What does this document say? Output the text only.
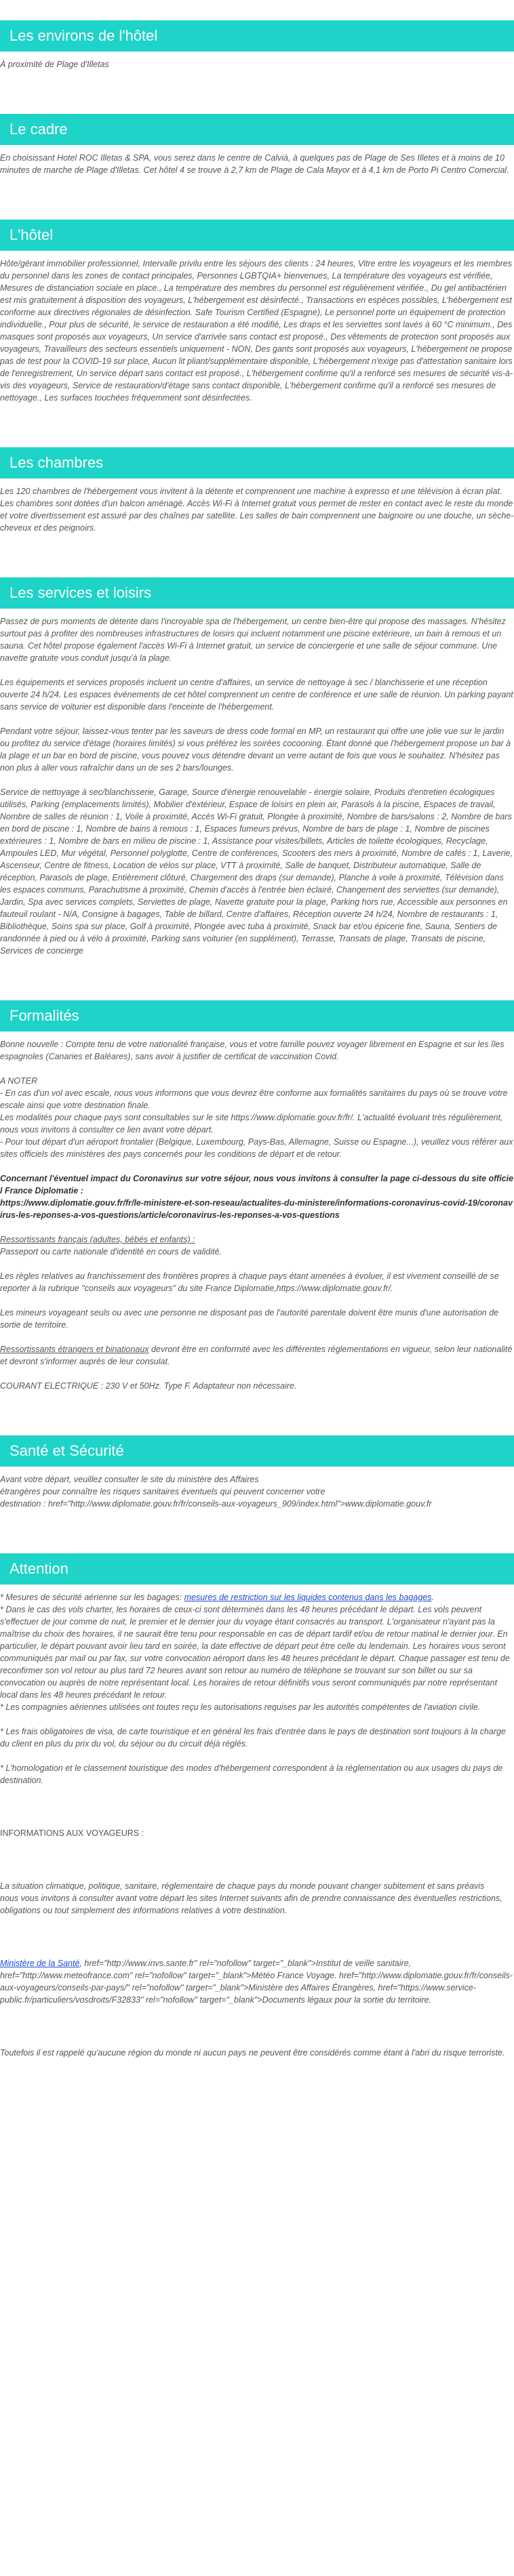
Les environs de l'hôtel

À proximité de Plage d'Illetas

Le cadre

En choisissant Hotel ROC Illetas & SPA, vous serez dans le centre de Calvià, à quelques pas de Plage de Ses Illetes et à moins de 10 minutes de marche de Plage d'Illetas. Cet hôtel 4 se trouve à 2,7 km de Plage de Cala Mayor et à 4,1 km de Porto Pi Centro Comercial.

L'hôtel

Hôte/gérant immobilier professionnel, Intervalle privilu entre les séjours des clients : 24 heures, Vitre entre les voyageurs et les membres du personnel dans les zones de contact principales, Personnes LGBTQIA+ bienvenues, La température des voyageurs est vérifiée, Mesures de distanciation sociale en place., La température des membres du personnel est régulièrement vérifiée., Du gel antibactérien est mis gratuitement à disposition des voyageurs, L'hébergement est désinfecté., Transactions en espèces possibles, L'hébergement est conforme aux directives régionales de désinfection. Safe Tourism Certified (Espagne), Le personnel porte un équipement de protection individuelle., Pour plus de sécurité, le service de restauration a été modifié, Les draps et les serviettes sont lavés à 60 °C minimum., Des masques sont proposés aux voyageurs, Un service d'arrivée sans contact est proposé., Des vêtements de protection sont proposés aux voyageurs, Travailleurs des secteurs essentiels uniquement - NON, Des gants sont proposés aux voyageurs, L'hébergement ne propose pas de test pour la COVID-19 sur place, Aucun lit pliant/supplémentaire disponible, L'hébergement n'exige pas d'attestation sanitaire lors de l'enregistrement, Un service départ sans contact est proposé., L'hébergement confirme qu'il a renforcé ses mesures de sécurité vis-à-vis des voyageurs, Service de restauration/d'étage sans contact disponible, L'hébergement confirme qu'il a renforcé ses mesures de nettoyage., Les surfaces touchées fréquemment sont désinfectées.

Les chambres

Les 120 chambres de l'hébergement vous invitent à la détente et comprennent une machine à expresso et une télévision à écran plat. Les chambres sont dotées d'un balcon aménagé. Accès Wi-Fi à Internet gratuit vous permet de rester en contact avec le reste du monde et votre divertissement est assuré par des chaînes par satellite. Les salles de bain comprennent une baignoire ou une douche, un sèche-cheveux et des peignoirs.

Les services et loisirs

Passez de purs moments de détente dans l'incroyable spa de l'hébergement, un centre bien-être qui propose des massages. N'hésitez surtout pas à profiter des nombreuses infrastructures de loisirs qui incluent notamment une piscine extérieure, un bain à remous et un sauna. Cet hôtel propose également l'accès Wi-Fi à Internet gratuit, un service de conciergerie et une salle de séjour commune. Une navette gratuite vous conduit jusqu'à la plage.

Les équipements et services proposés incluent un centre d'affaires, un service de nettoyage à sec / blanchisserie et une réception ouverte 24 h/24. Les espaces événements de cet hôtel comprennent un centre de conférence et une salle de réunion. Un parking payant sans service de voiturier est disponible dans l'enceinte de l'hébergement.

Pendant votre séjour, laissez-vous tenter par les saveurs de dress code formal en MP, un restaurant qui offre une jolie vue sur le jardin ou profitez du service d'étage (horaires limités) si vous préférez les soirées cocooning. Étant donné que l'hébergement propose un bar à la plage et un bar en bord de piscine, vous pouvez vous détendre devant un verre autant de fois que vous le souhaitez. N'hésitez pas non plus à aller vous rafraîchir dans un de ses 2 bars/lounges.

Service de nettoyage à sec/blanchisserie, Garage, Source d'énergie renouvelable - énergie solaire, Produits d'entretien écologiques utilisés, Parking (emplacements limités), Mobilier d'extérieur, Espace de loisirs en plein air, Parasols à la piscine, Espaces de travail, Nombre de salles de réunion : 1, Voile à proximité, Accès Wi-Fi gratuit, Plongée à proximité, Nombre de bars/salons : 2, Nombre de bars en bord de piscine : 1, Nombre de bains à remous : 1, Espaces fumeurs prévus, Nombre de bars de plage : 1, Nombre de piscines extérieures : 1, Nombre de bars en milieu de piscine : 1, Assistance pour visites/billets, Articles de toilette écologiques, Recyclage, Ampoules LED, Mur végétal, Personnel polyglotte, Centre de conférences, Scooters des mers à proximité, Nombre de cafés : 1, Laverie, Ascenseur, Centre de fitness, Location de vélos sur place, VTT à proximité, Salle de banquet, Distributeur automatique, Salle de réception, Parasols de plage, Entièrement clôturé, Chargement des draps (sur demande), Planche à voile à proximité, Télévision dans les espaces communs, Parachutisme à proximité, Chemin d'accès à l'entrée bien éclairé, Changement des serviettes (sur demande), Jardin, Spa avec services complets, Serviettes de plage, Navette gratuite pour la plage, Parking hors rue, Accessible aux personnes en fauteuil roulant - N/A, Consigne à bagages, Table de billard, Centre d'affaires, Réception ouverte 24 h/24, Nombre de restaurants : 1, Bibliothèque, Soins spa sur place, Golf à proximité, Plongée avec tuba à proximité, Snack bar et/ou épicerie fine, Sauna, Sentiers de randonnée à pied ou à vélo à proximité, Parking sans voiturier (en supplément), Terrasse, Transats de plage, Transats de piscine, Services de concierge

Formalités

Bonne nouvelle : Compte tenu de votre nationalité française, vous et votre famille pouvez voyager librement en Espagne et sur les îles espagnoles (Canaries et Baléares), sans avoir à justifier de certificat de vaccination Covid.

A NOTER
- En cas d'un vol avec escale, nous vous informons que vous devrez être conforme aux formalités sanitaires du pays où se trouve votre escale ainsi que votre destination finale.
Les modalités pour chaque pays sont consultables sur le site https://www.diplomatie.gouv.fr/fr/. L'actualité évoluant très régulièrement, nous vous invitons à consulter ce lien avant votre départ.
- Pour tout départ d'un aéroport frontalier (Belgique, Luxembourg, Pays-Bas, Allemagne, Suisse ou Espagne...), veuillez vous référer aux sites officiels des ministères des pays concernés pour les conditions de départ et de retour.

Concernant l'éventuel impact du Coronavirus sur votre séjour, nous vous invitons à consulter la page ci-dessous du site officiel France Diplomatie :
https://www.diplomatie.gouv.fr/fr/le-ministere-et-son-reseau/actualites-du-ministere/informations-coronavirus-covid-19/coronavirus-les-reponses-a-vos-questions/article/coronavirus-les-reponses-a-vos-questions

Ressortissants français (adultes, bébés et enfants) :
Passeport ou carte nationale d'identité en cours de validité.

Les règles relatives au franchissement des frontières propres à chaque pays étant amenées à évoluer, il est vivement conseillé de se reporter à la rubrique "conseils aux voyageurs" du site France Diplomatie,https://www.diplomatie.gouv.fr/.

Les mineurs voyageant seuls ou avec une personne ne disposant pas de l'autorité parentale doivent être munis d'une autorisation de sortie de territoire.

Ressortissants étrangers et binationaux devront être en conformité avec les différentes réglementations en vigueur, selon leur nationalité et devront s'informer auprès de leur consulat.

COURANT ELECTRIQUE : 230 V et 50Hz. Type F. Adaptateur non nécessaire.

Santé et Sécurité

Avant votre départ, veuillez consulter le site du ministère des Affaires
étrangères pour connaître les risques sanitaires éventuels qui peuvent concerner votre
destination : href="http://www.diplomatie.gouv.fr/fr/conseils-aux-voyageurs_909/index.html">www.diplomatie.gouv.fr

Attention

* Mesures de sécurité aérienne sur les bagages: mesures de restriction sur les liquides contenus dans les bagages.
* Dans le cas des vols charter, les horaires de ceux-ci sont déterminés dans les 48 heures précédant le départ. Les vols peuvent s'effectuer de jour comme de nuit, le premier et le dernier jour du voyage étant consacrés au transport. L'organisateur n'ayant pas la maîtrise du choix des horaires, il ne saurait être tenu pour responsable en cas de départ tardif et/ou de retour matinal le dernier jour. En particulier, le départ pouvant avoir lieu tard en soirée, la date effective de départ peut être celle du lendemain. Les horaires vous seront communiqués par mail ou par fax, sur votre convocation aéroport dans les 48 heures précédant le départ. Chaque passager est tenu de reconfirmer son vol retour au plus tard 72 heures avant son retour au numéro de téléphone se trouvant sur son billet ou sur sa convocation ou auprès de notre représentant local. Les horaires de retour définitifs vous seront communiqués par notre représentant local dans les 48 heures précédant le retour.
* Les compagnies aériennes utilisées ont toutes reçu les autorisations requises par les autorités compétentes de l'aviation civile.

* Les frais obligatoires de visa, de carte touristique et en général les frais d'entrée dans le pays de destination sont toujours à la charge du client en plus du prix du vol, du séjour ou du circuit déjà réglés.

* L'homologation et le classement touristique des modes d'hébergement correspondent à la réglementation ou aux usages du pays de destination.

INFORMATIONS AUX VOYAGEURS :

La situation climatique, politique, sanitaire, réglementaire de chaque pays du monde pouvant changer subitement et sans préavis
nous vous invitons à consulter avant votre départ les sites Internet suivants afin de prendre connaissance des éventuelles restrictions, obligations ou tout simplement des informations relatives à votre destination.

Ministère de la Santé, href="http://www.invs.sante.fr" rel="nofollow" target="_blank">Institut de veille sanitaire, href="http://www.meteofrance.com" rel="nofollow" target="_blank">Météo France Voyage. href="http://www.diplomatie.gouv.fr/fr/conseils-aux-voyageurs/conseils-par-pays/" rel="nofollow" target="_blank">Ministère des Affaires Étrangères, href="https://www.service-public.fr/particuliers/vosdroits/F32833" rel="nofollow" target="_blank">Documents légaux pour la sortie du territoire.

Toutefois il est rappelé qu'aucune région du monde ni aucun pays ne peuvent être considérés comme étant à l'abri du risque terroriste.
